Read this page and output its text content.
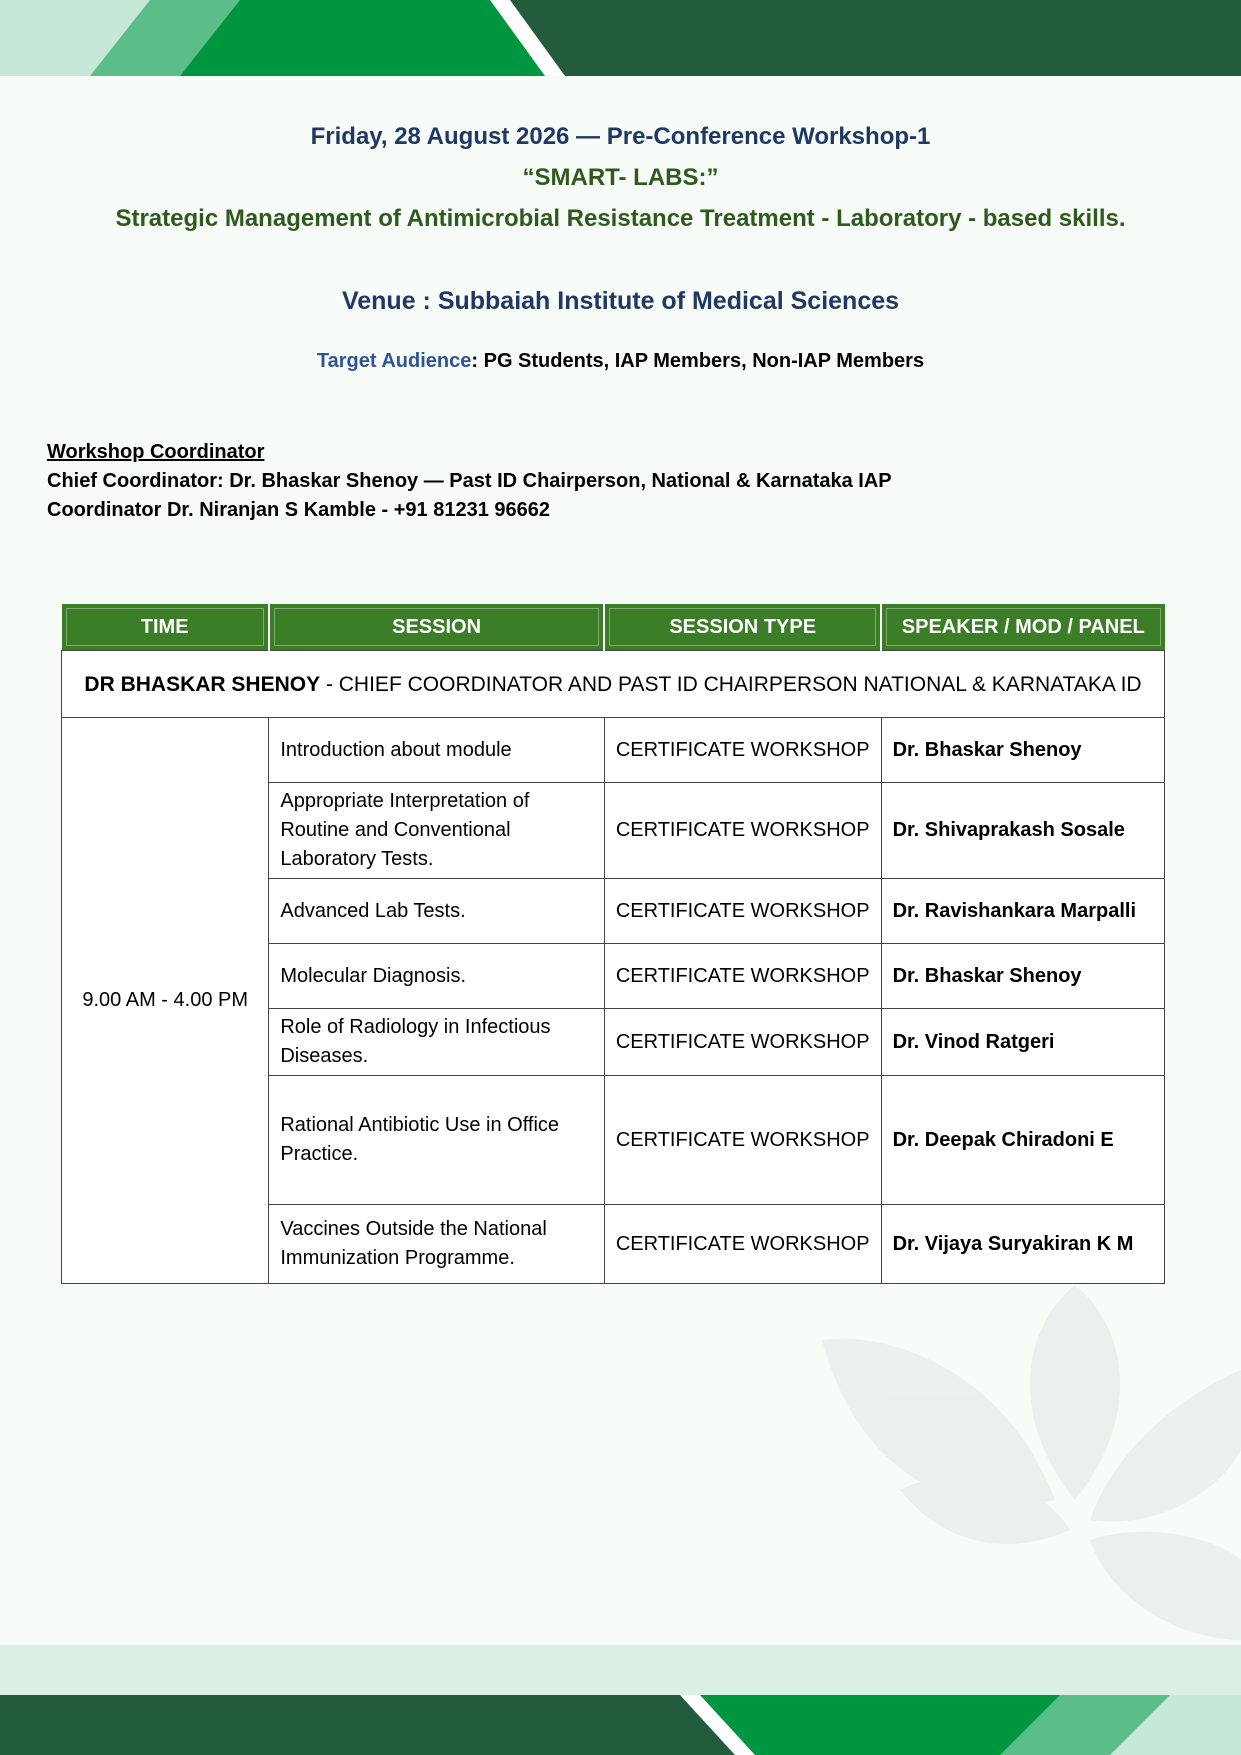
Friday, 28 August 2026 — Pre-Conference Workshop-1
“SMART- LABS:”
Strategic Management of Antimicrobial Resistance Treatment - Laboratory - based skills.
Venue : Subbaiah Institute of Medical Sciences
Target Audience: PG Students, IAP Members, Non-IAP Members
Workshop Coordinator
Chief Coordinator: Dr. Bhaskar Shenoy — Past ID Chairperson, National & Karnataka IAP
Coordinator Dr. Niranjan S Kamble - +91 81231 96662
TIME	SESSION	SESSION TYPE	SPEAKER / MOD / PANEL
DR BHASKAR SHENOY - CHIEF COORDINATOR AND PAST ID CHAIRPERSON NATIONAL & KARNATAKA ID			
9.00 AM - 4.00 PM	Introduction about module	CERTIFICATE WORKSHOP	Dr. Bhaskar Shenoy
	Appropriate Interpretation of Routine and Conventional Laboratory Tests.	CERTIFICATE WORKSHOP	Dr. Shivaprakash Sosale
	Advanced Lab Tests.	CERTIFICATE WORKSHOP	Dr. Ravishankara Marpalli
	Molecular Diagnosis.	CERTIFICATE WORKSHOP	Dr. Bhaskar Shenoy
	Role of Radiology in Infectious Diseases.	CERTIFICATE WORKSHOP	Dr. Vinod Ratgeri
	Rational Antibiotic Use in Office Practice.	CERTIFICATE WORKSHOP	Dr. Deepak Chiradoni E
	Vaccines Outside the National Immunization Programme.	CERTIFICATE WORKSHOP	Dr. Vijaya Suryakiran K M
